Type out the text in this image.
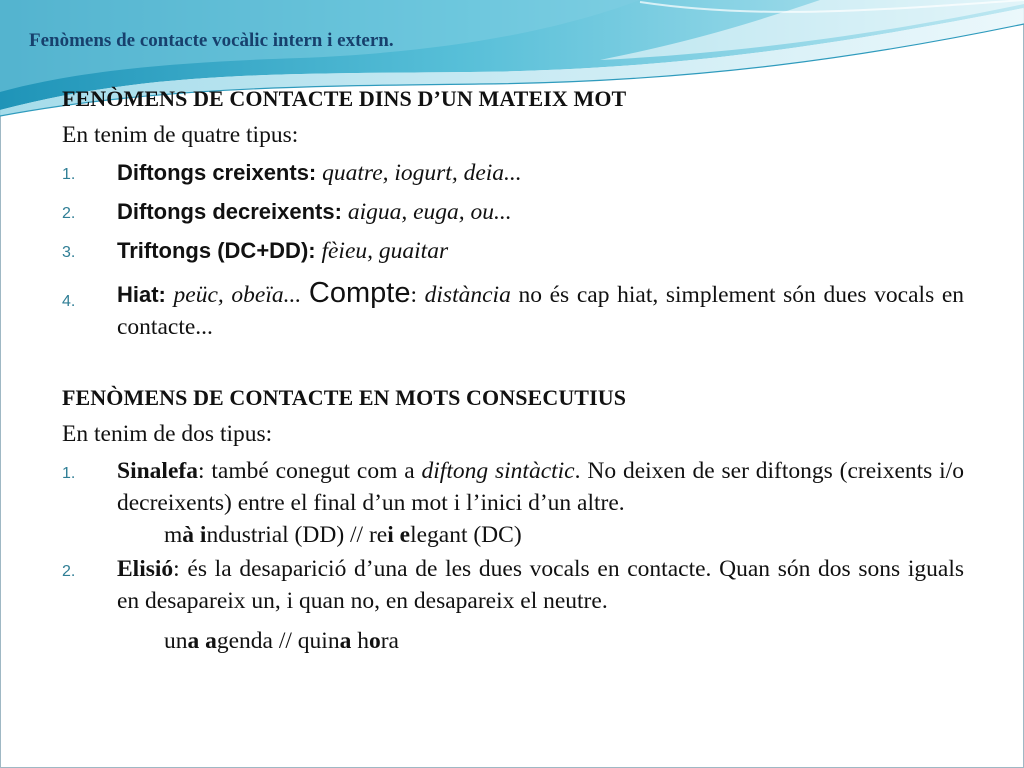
Fenòmens de contacte vocàlic intern i extern.

FENÒMENS DE CONTACTE DINS D’UN MATEIX MOT

En tenim de quatre tipus:

1.	Diftongs creixents: quatre, iogurt, deia...
2.	Diftongs decreixents: aigua, euga, ou...
3.	Triftongs (DC+DD): fèieu, guaitar
4.	Hiat: peüc, obeïa... Compte: distància no és cap hiat, simplement són dues vocals en contacte...

FENÒMENS DE CONTACTE EN MOTS CONSECUTIUS

En tenim de dos tipus:

1.	Sinalefa: també conegut com a diftong sintàctic. No deixen de ser diftongs (creixents i/o decreixents) entre el final d’un mot i l’inici d’un altre.
mà industrial (DD) // rei elegant (DC)
2.	Elisió: és la desaparició d’una de les dues vocals en contacte. Quan són dos sons iguals en desapareix un, i quan no, en desapareix el neutre.
una agenda // quina hora
